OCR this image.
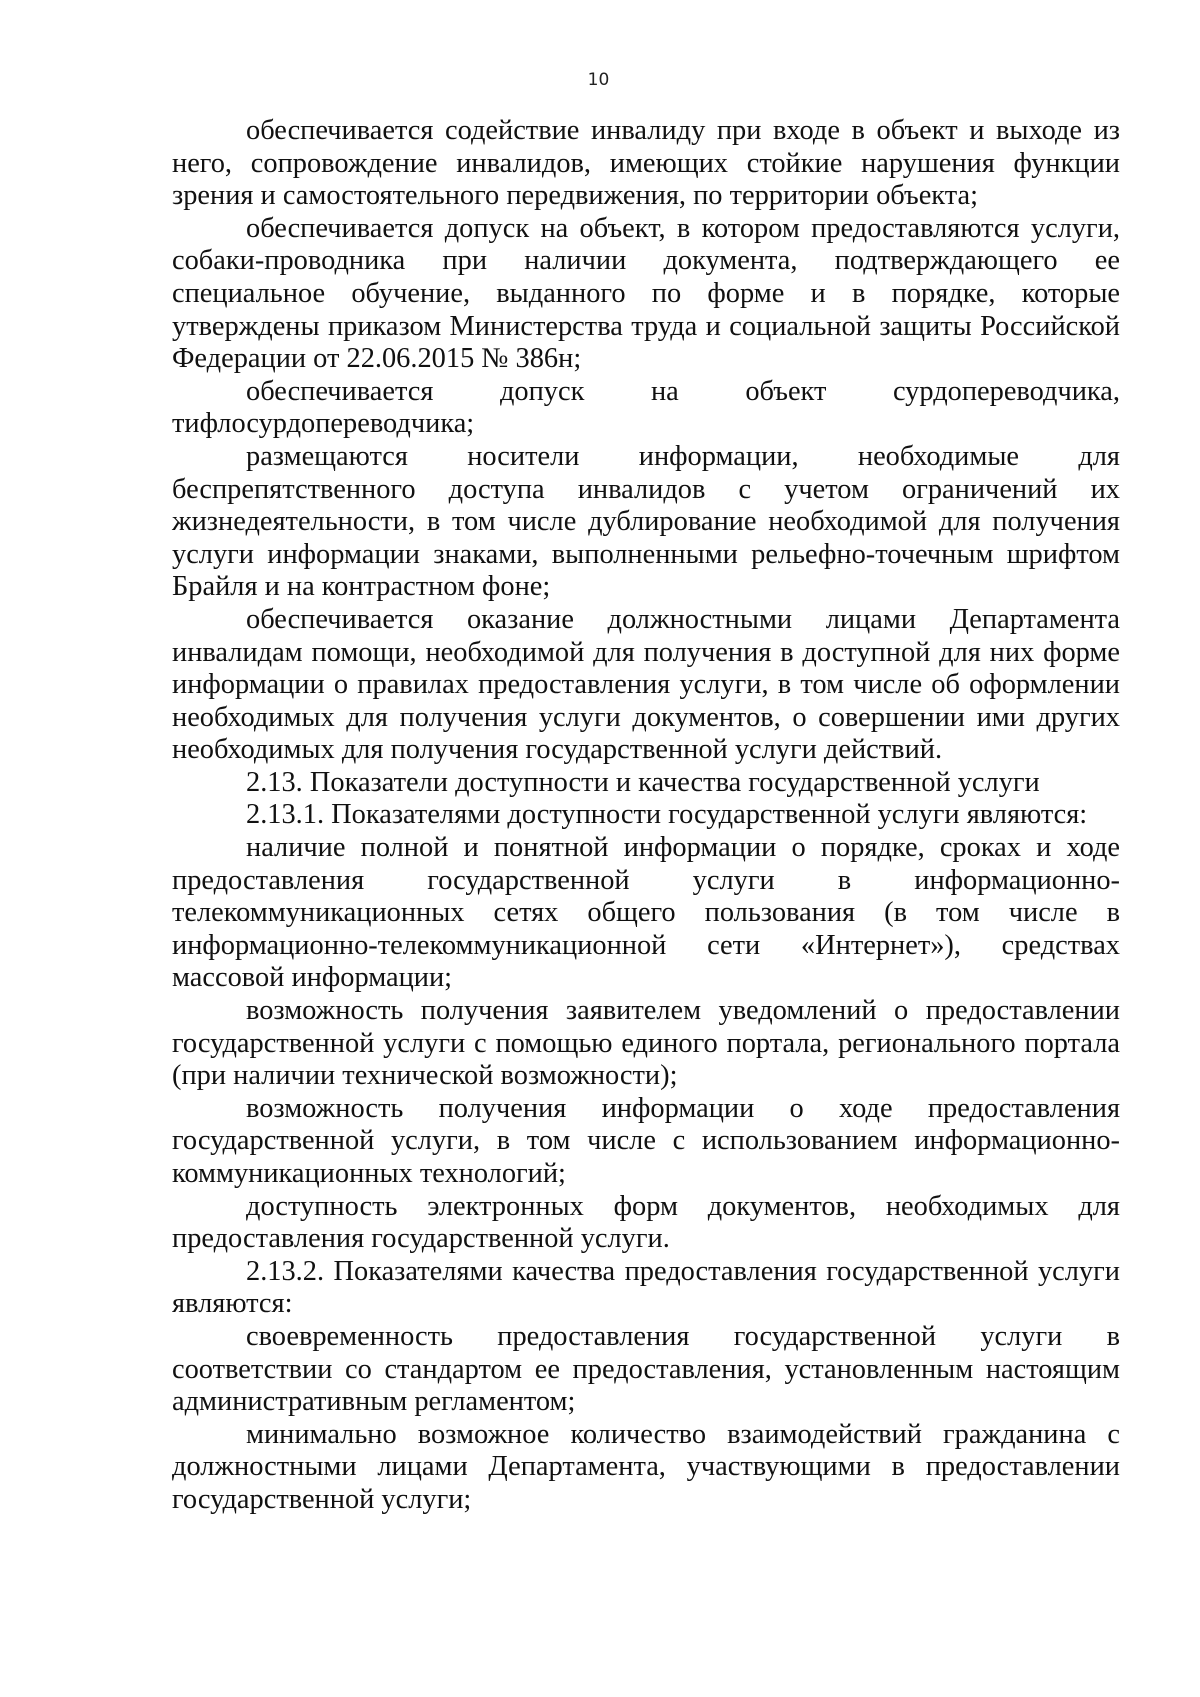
10

обеспечивается содействие инвалиду при входе в объект и выходе из него, сопровождение инвалидов, имеющих стойкие нарушения функции зрения и самостоятельного передвижения, по территории объекта;

обеспечивается допуск на объект, в котором предоставляются услуги, собаки-проводника при наличии документа, подтверждающего ее специальное обучение, выданного по форме и в порядке, которые утверждены приказом Министерства труда и социальной защиты Российской Федерации от 22.06.2015 № 386н;

обеспечивается допуск на объект сурдопереводчика, тифлосурдопереводчика;

размещаются носители информации, необходимые для беспрепятственного доступа инвалидов с учетом ограничений их жизнедеятельности, в том числе дублирование необходимой для получения услуги информации знаками, выполненными рельефно-точечным шрифтом Брайля и на контрастном фоне;

обеспечивается оказание должностными лицами Департамента инвалидам помощи, необходимой для получения в доступной для них форме информации о правилах предоставления услуги, в том числе об оформлении необходимых для получения услуги документов, о совершении ими других необходимых для получения государственной услуги действий.

2.13. Показатели доступности и качества государственной услуги

2.13.1. Показателями доступности государственной услуги являются:

наличие полной и понятной информации о порядке, сроках и ходе предоставления государственной услуги в информационно-телекоммуникационных сетях общего пользования (в том числе в информационно-телекоммуникационной сети «Интернет»), средствах массовой информации;

возможность получения заявителем уведомлений о предоставлении государственной услуги с помощью единого портала, регионального портала (при наличии технической возможности);

возможность получения информации о ходе предоставления государственной услуги, в том числе с использованием информационно-коммуникационных технологий;

доступность электронных форм документов, необходимых для предоставления государственной услуги.

2.13.2. Показателями качества предоставления государственной услуги являются:

своевременность предоставления государственной услуги в соответствии со стандартом ее предоставления, установленным настоящим административным регламентом;

минимально возможное количество взаимодействий гражданина с должностными лицами Департамента, участвующими в предоставлении государственной услуги;
